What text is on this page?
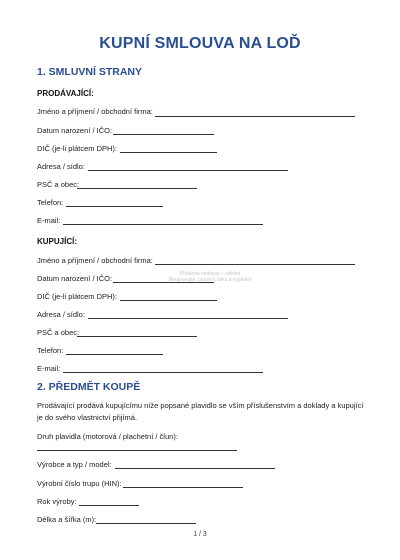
KUPNÍ SMLOUVA NA LOĎ
1. SMLUVNÍ STRANY
PRODÁVAJÍCÍ:
Jméno a příjmení / obchodní firma:
Datum narození / IČO:
DIČ (je-li plátcem DPH):
Adresa / sídlo:
PSČ a obec:
Telefon:
E-mail:
KUPUJÍCÍ:
Jméno a příjmení / obchodní firma:
Datum narození / IČO:
DIČ (je-li plátcem DPH):
Adresa / sídlo:
PSČ a obec:
Telefon:
E-mail:
2. PŘEDMĚT KOUPĚ
Prodávající prodává kupujícímu níže popsané plavidlo se vším příslušenstvím a doklady a kupující
je do svého vlastnictví přijímá.
Druh plavidla (motorová / plachetní / člun):
Výrobce a typ / model:
Výrobní číslo trupu (HIN):
Rok výroby:
Délka a šířka (m):
Předloha smlouvy – náhled
Neupravujte, pouze k tisku a vyplnění
1 / 3
